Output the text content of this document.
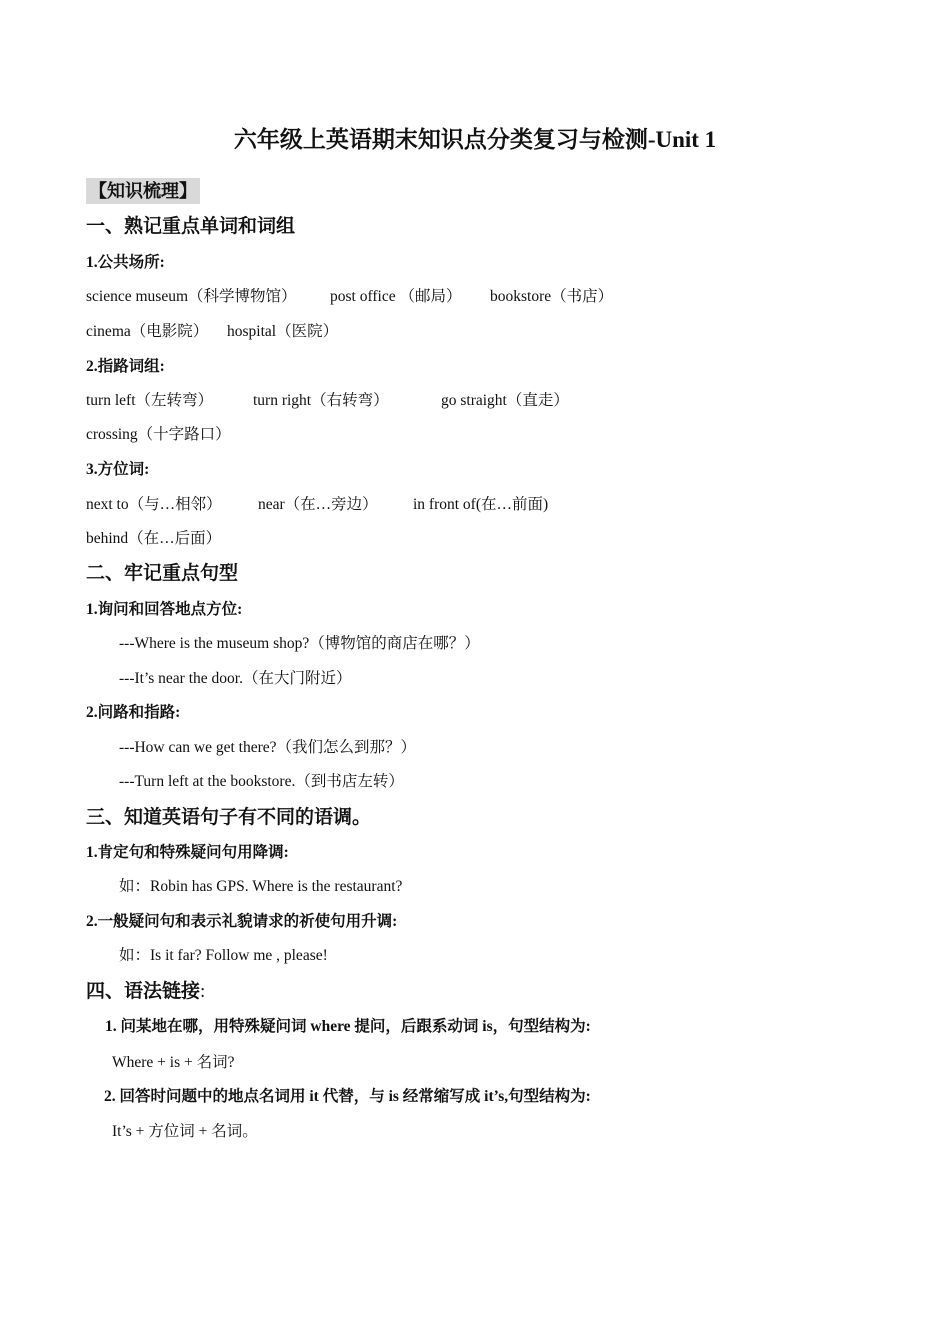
六年级上英语期末知识点分类复习与检测-Unit 1
【知识梳理】
一、熟记重点单词和词组
1.公共场所:
science museum（科学博物馆） post office （邮局） bookstore（书店）
cinema（电影院） hospital（医院）
2.指路词组:
turn left（左转弯）	turn right（右转弯）	go straight（直走）
crossing（十字路口）
3.方位词:
next to（与…相邻） near（在…旁边） in front of(在…前面)
behind（在…后面）
二、牢记重点句型
1.询问和回答地点方位:
---Where is the museum shop?（博物馆的商店在哪？）
---It’s near the door.（在大门附近）
2.问路和指路:
---How can we get there?（我们怎么到那？）
---Turn left at the bookstore.（到书店左转）
三、知道英语句子有不同的语调。
1.肯定句和特殊疑问句用降调:
如：Robin has GPS. Where is the restaurant?
2.一般疑问句和表示礼貌请求的祈使句用升调:
如：Is it far? Follow me , please!
四、语法链接:
1. 问某地在哪，用特殊疑问词 where 提问，后跟系动词 is，句型结构为:
Where + is + 名词?
2. 回答时问题中的地点名词用 it 代替，与 is 经常缩写成 it’s,句型结构为:
It’s + 方位词 + 名词。
